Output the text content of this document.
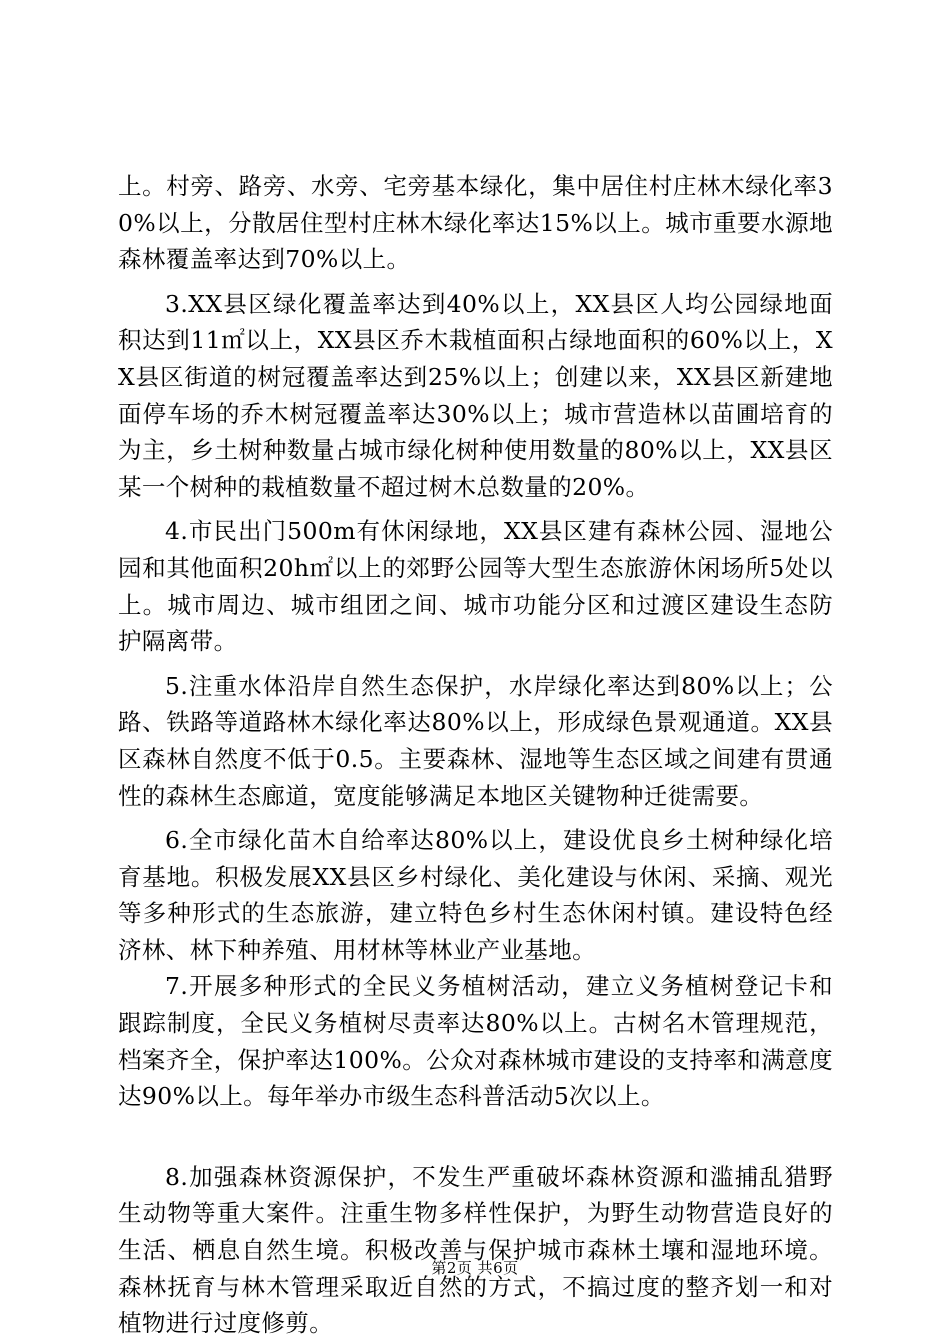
上。村旁、路旁、水旁、宅旁基本绿化，集中居住村庄林木绿化率30%以上，分散居住型村庄林木绿化率达15%以上。城市重要水源地森林覆盖率达到70%以上。

3.XX县区绿化覆盖率达到40%以上，XX县区人均公园绿地面积达到11㎡以上，XX县区乔木栽植面积占绿地面积的60%以上，XX县区街道的树冠覆盖率达到25%以上；创建以来，XX县区新建地面停车场的乔木树冠覆盖率达30%以上；城市营造林以苗圃培育的为主，乡土树种数量占城市绿化树种使用数量的80%以上，XX县区某一个树种的栽植数量不超过树木总数量的20%。

4.市民出门500m有休闲绿地，XX县区建有森林公园、湿地公园和其他面积20h㎡以上的郊野公园等大型生态旅游休闲场所5处以上。城市周边、城市组团之间、城市功能分区和过渡区建设生态防护隔离带。

5.注重水体沿岸自然生态保护，水岸绿化率达到80%以上；公路、铁路等道路林木绿化率达80%以上，形成绿色景观通道。XX县区森林自然度不低于0.5。主要森林、湿地等生态区域之间建有贯通性的森林生态廊道，宽度能够满足本地区关键物种迁徙需要。

6.全市绿化苗木自给率达80%以上，建设优良乡土树种绿化培育基地。积极发展XX县区乡村绿化、美化建设与休闲、采摘、观光等多种形式的生态旅游，建立特色乡村生态休闲村镇。建设特色经济林、林下种养殖、用材林等林业产业基地。

7.开展多种形式的全民义务植树活动，建立义务植树登记卡和跟踪制度，全民义务植树尽责率达80%以上。古树名木管理规范，档案齐全，保护率达100%。公众对森林城市建设的支持率和满意度达90%以上。每年举办市级生态科普活动5次以上。

8.加强森林资源保护，不发生严重破坏森林资源和滥捕乱猎野生动物等重大案件。注重生物多样性保护，为野生动物营造良好的生活、栖息自然生境。积极改善与保护城市森林土壤和湿地环境。森林抚育与林木管理采取近自然的方式，不搞过度的整齐划一和对植物进行过度修剪。

第2页 共6页
